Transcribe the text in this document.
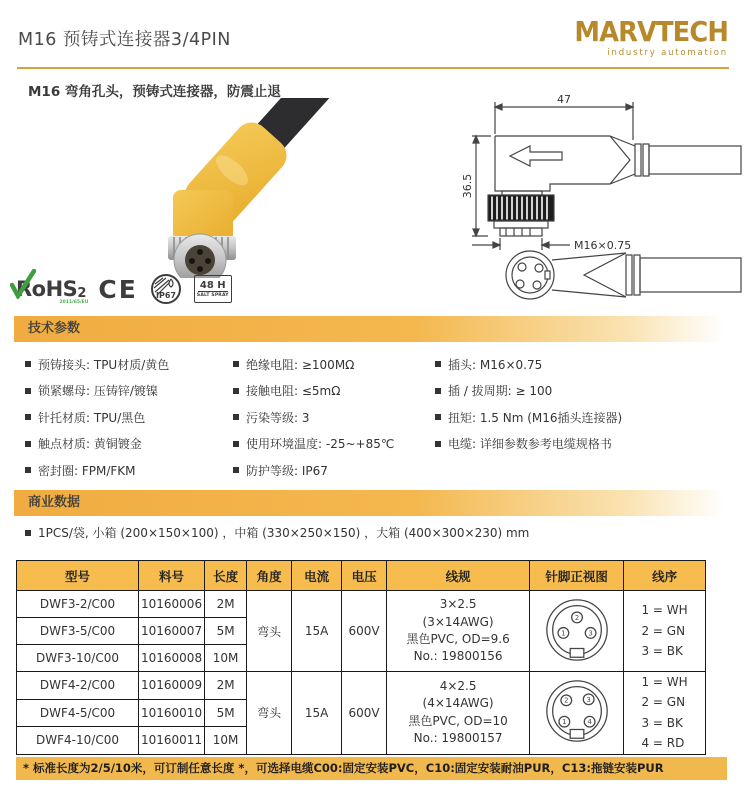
M16 预铸式连接器3/4PIN	MARVTECH
industry automation
M16 弯角孔头，预铸式连接器，防震止退	47
36.5
M16×0.75
RoHS 2
2011/65/EU CE IP67
48 H
SALT SPRAY
技术参数
预铸接头: TPU材质/黄色	绝缘电阻: ≥100MΩ	插头: M16×0.75
锁紧螺母: 压铸锌/镀镍	接触电阻: ≤5mΩ	插 / 拔周期: ≥ 100
针托材质: TPU/黑色	污染等级: 3	扭矩: 1.5 Nm (M16插头连接器)
触点材质: 黄铜镀金	使用环境温度: -25~+85℃	电缆: 详细参数参考电缆规格书
密封圈: FPM/FKM	防护等级: IP67
商业数据
1PCS/袋, 小箱 (200×150×100) ，中箱 (330×250×150) ，大箱 (400×300×230) mm
型号	料号	长度	角度	电流	电压	线规	针脚正视图	线序
DWF3-2/C00	10160006	2M	弯头	15A	600V	
3×2.5
(3×14AWG)
黑色PVC, OD=9.6
No.: 19800156

2
1	3

1 = WH
2 = GN
3 = BK

DWF3-5/C00	10160007	5M						
DWF3-10/C00	10160008	10M						
DWF4-2/C00	10160009	2M	弯头	15A	600V	
4×2.5
(4×14AWG)
黑色PVC, OD=10
No.: 19800157

2	3
1	4

1 = WH
2 = GN
3 = BK
4 = RD

DWF4-5/C00	10160010	5M						
DWF4-10/C00	10160011	10M						
* 标准长度为2/5/10米，可订制任意长度 *，可选择电缆C00:固定安装PVC，C10:固定安装耐油PUR，C13:拖链安装PUR
